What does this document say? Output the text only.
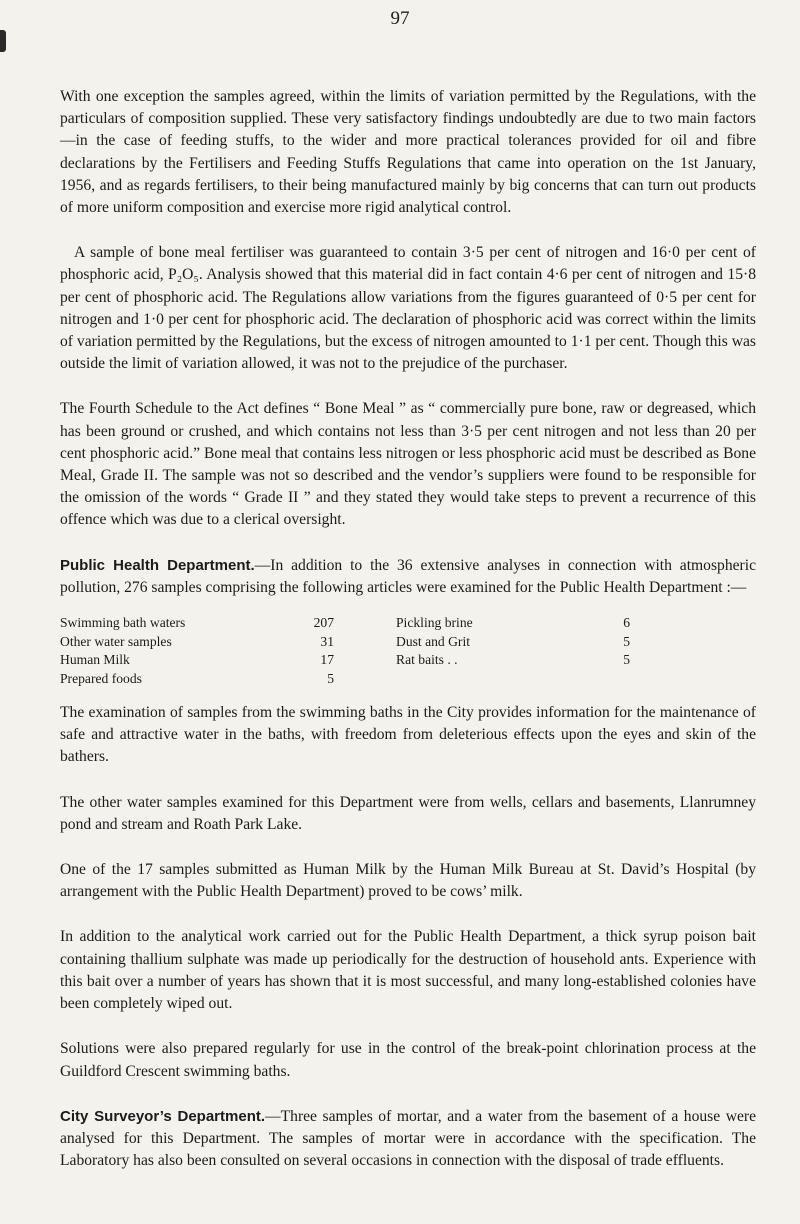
97

With one exception the samples agreed, within the limits of variation permitted by the Regulations, with the particulars of composition supplied. These very satisfactory findings undoubtedly are due to two main factors—in the case of feeding stuffs, to the wider and more practical tolerances provided for oil and fibre declarations by the Fertilisers and Feeding Stuffs Regulations that came into operation on the 1st January, 1956, and as regards fertilisers, to their being manufactured mainly by big concerns that can turn out products of more uniform composition and exercise more rigid analytical control.

A sample of bone meal fertiliser was guaranteed to contain 3·5 per cent of nitrogen and 16·0 per cent of phosphoric acid, P₂O₅. Analysis showed that this material did in fact contain 4·6 per cent of nitrogen and 15·8 per cent of phosphoric acid. The Regulations allow variations from the figures guaranteed of 0·5 per cent for nitrogen and 1·0 per cent for phosphoric acid. The declaration of phosphoric acid was correct within the limits of variation permitted by the Regulations, but the excess of nitrogen amounted to 1·1 per cent. Though this was outside the limit of variation allowed, it was not to the prejudice of the purchaser.

The Fourth Schedule to the Act defines “ Bone Meal ” as “ commercially pure bone, raw or degreased, which has been ground or crushed, and which contains not less than 3·5 per cent nitrogen and not less than 20 per cent phosphoric acid.” Bone meal that contains less nitrogen or less phosphoric acid must be described as Bone Meal, Grade II. The sample was not so described and the vendor’s suppliers were found to be responsible for the omission of the words “ Grade II ” and they stated they would take steps to prevent a recurrence of this offence which was due to a clerical oversight.

Public Health Department.—In addition to the 36 extensive analyses in connection with atmospheric pollution, 276 samples comprising the following articles were examined for the Public Health Department :—

Swimming bath waters	207	Pickling brine	6
Other water samples	31	Dust and Grit	5
Human Milk	17	Rat baits . .	5
Prepared foods	5

The examination of samples from the swimming baths in the City provides information for the maintenance of safe and attractive water in the baths, with freedom from deleterious effects upon the eyes and skin of the bathers.

The other water samples examined for this Department were from wells, cellars and basements, Llanrumney pond and stream and Roath Park Lake.

One of the 17 samples submitted as Human Milk by the Human Milk Bureau at St. David’s Hospital (by arrangement with the Public Health Department) proved to be cows’ milk.

In addition to the analytical work carried out for the Public Health Department, a thick syrup poison bait containing thallium sulphate was made up periodically for the destruction of household ants. Experience with this bait over a number of years has shown that it is most successful, and many long-established colonies have been completely wiped out.

Solutions were also prepared regularly for use in the control of the break-point chlorination process at the Guildford Crescent swimming baths.

City Surveyor’s Department.—Three samples of mortar, and a water from the basement of a house were analysed for this Department. The samples of mortar were in accordance with the specification. The Laboratory has also been consulted on several occasions in connection with the disposal of trade effluents.
